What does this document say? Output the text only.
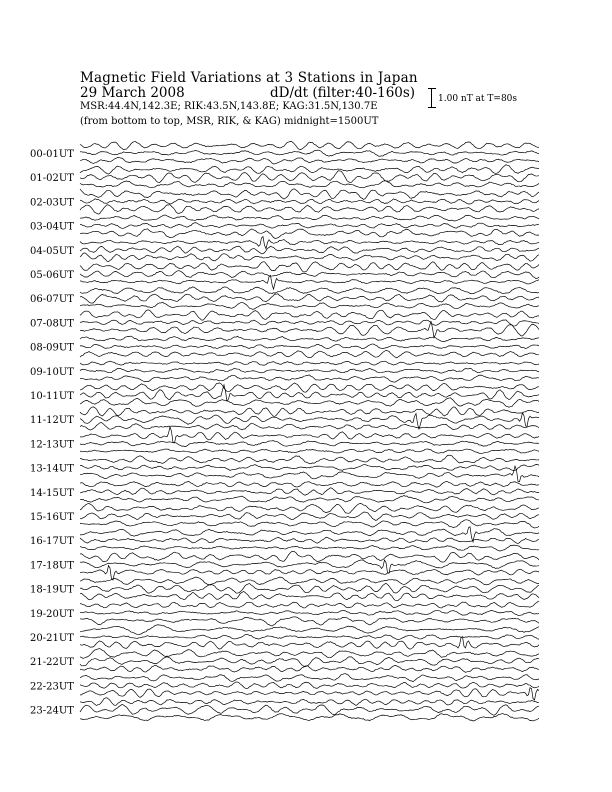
Magnetic Field Variations at 3 Stations in Japan
29 March 2008	dD/dt (filter:40-160s)
MSR:44.4N,142.3E; RIK:43.5N,143.8E; KAG:31.5N,130.7E
(from bottom to top, MSR, RIK, & KAG) midnight=1500UT
1.00 nT at T=80s
00-01UT
01-02UT
02-03UT
03-04UT
04-05UT
05-06UT
06-07UT
07-08UT
08-09UT
09-10UT
10-11UT
11-12UT
12-13UT
13-14UT
14-15UT
15-16UT
16-17UT
17-18UT
18-19UT
19-20UT
20-21UT
21-22UT
22-23UT
23-24UT
